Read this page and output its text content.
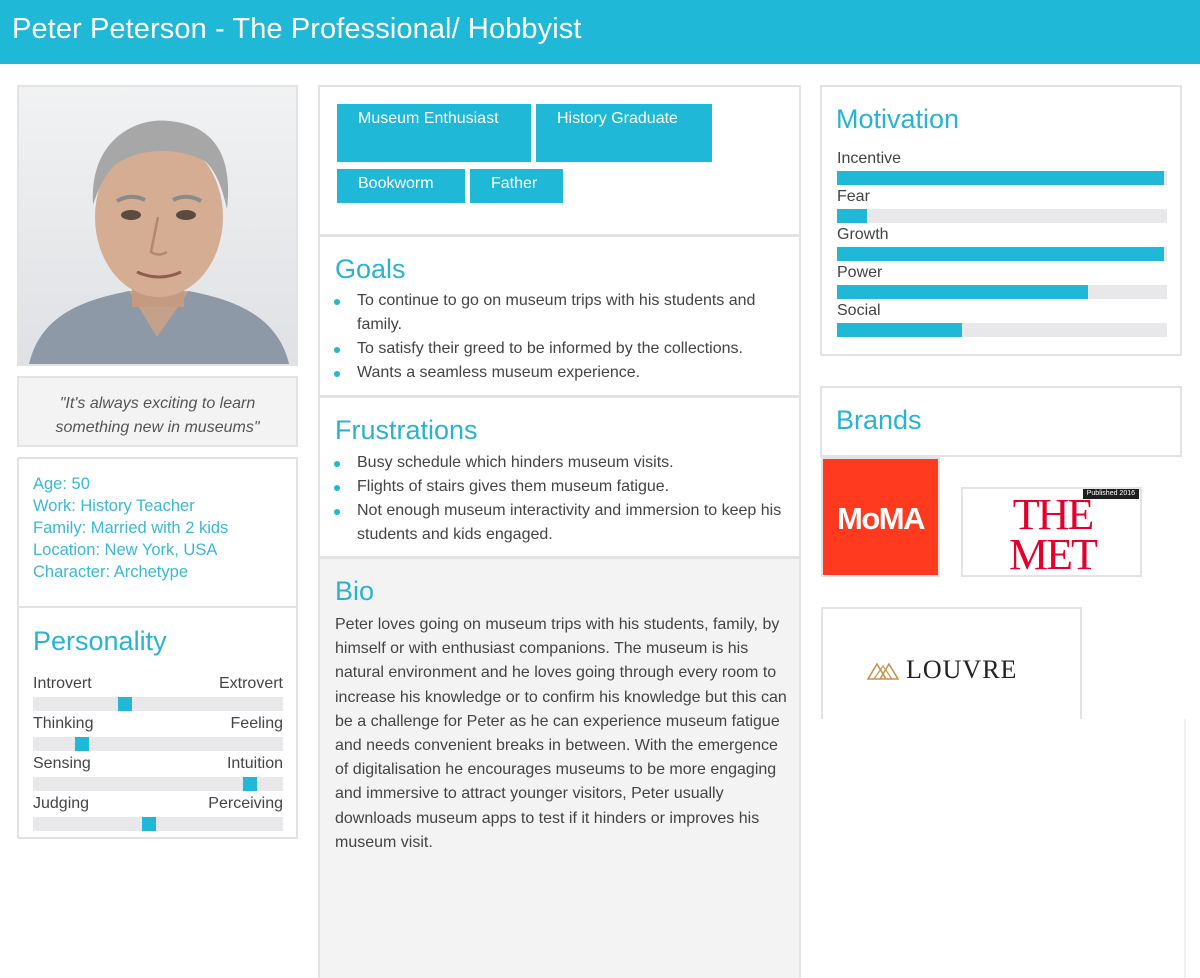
Peter Peterson - The Professional/ Hobbyist

"It's always exciting to learn something new in museums"

Age: 50
Work: History Teacher
Family: Married with 2 kids
Location: New York, USA
Character: Archetype
Personality
Introvert	Extrovert
Thinking	Feeling
Sensing	Intuition
Judging	Perceiving
Museum Enthusiast	History Graduate
Bookworm	Father
Goals
To continue to go on museum trips with his students and family.
To satisfy their greed to be informed by the collections.
Wants a seamless museum experience.
Frustrations
Busy schedule which hinders museum visits.
Flights of stairs gives them museum fatigue.
Not enough museum interactivity and immersion to keep his students and kids engaged.
Bio

Peter loves going on museum trips with his students, family, by himself or with enthusiast companions. The museum is his natural environment and he loves going through every room to increase his knowledge or to confirm his knowledge but this can be a challenge for Peter as he can experience museum fatigue and needs convenient breaks in between. With the emergence of digitalisation he encourages museums to be more engaging and immersive to attract younger visitors, Peter usually downloads museum apps to test if it hinders or improves his museum visit.

Motivation
Incentive
Fear
Growth
Power
Social
Brands
MoMA
Published 2016
THE
MET
LOUVRE
